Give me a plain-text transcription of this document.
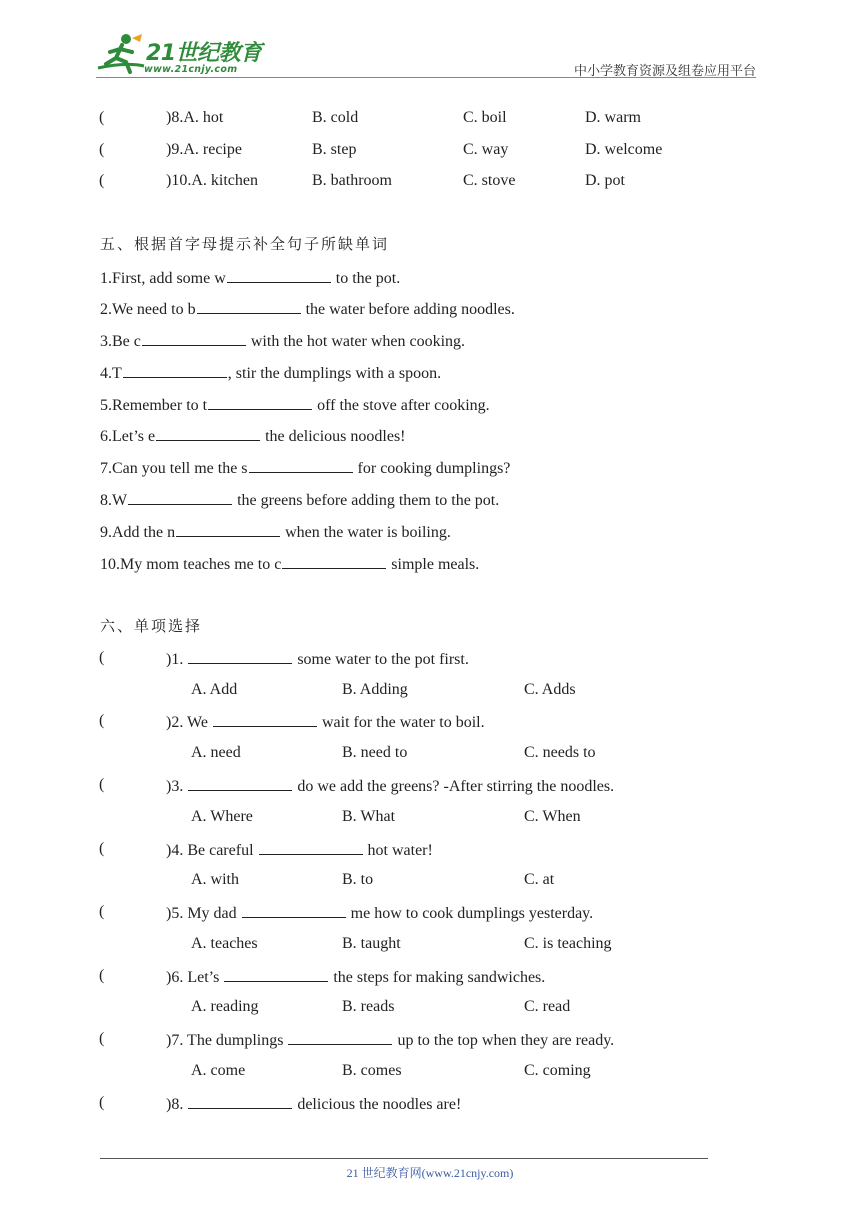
21世纪教育
www.21cnjy.com	中小学教育资源及组卷应用平台
(	)8.A. hot	B. cold	C. boil	D. warm
(	)9.A. recipe	B. step	C. way	D. welcome
(	)10.A. kitchen	B. bathroom	C. stove	D. pot
五、根据首字母提示补全句子所缺单词
1.First, add some w	to the pot.
2.We need to b	the water before adding noodles.
3.Be c	with the hot water when cooking.
4.T	, stir the dumplings with a spoon.
5.Remember to t	off the stove after cooking.
6.Let’s e	the delicious noodles!
7.Can you tell me the s	for cooking dumplings?
8.W	the greens before adding them to the pot.
9.Add the n	when the water is boiling.
10.My mom teaches me to c	simple meals.
六、单项选择
(	)1.	some water to the pot first.
A. Add	B. Adding	C. Adds
(	)2. We	wait for the water to boil.
A. need	B. need to	C. needs to
(	)3.	do we add the greens? -After stirring the noodles.
A. Where	B. What	C. When
(	)4. Be careful	hot water!
A. with	B. to	C. at
(	)5. My dad	me how to cook dumplings yesterday.
A. teaches	B. taught	C. is teaching
(	)6. Let’s	the steps for making sandwiches.
A. reading	B. reads	C. read
(	)7. The dumplings	up to the top when they are ready.
A. come	B. comes	C. coming
(	)8.	delicious the noodles are!
21 世纪教育网(www.21cnjy.com)
